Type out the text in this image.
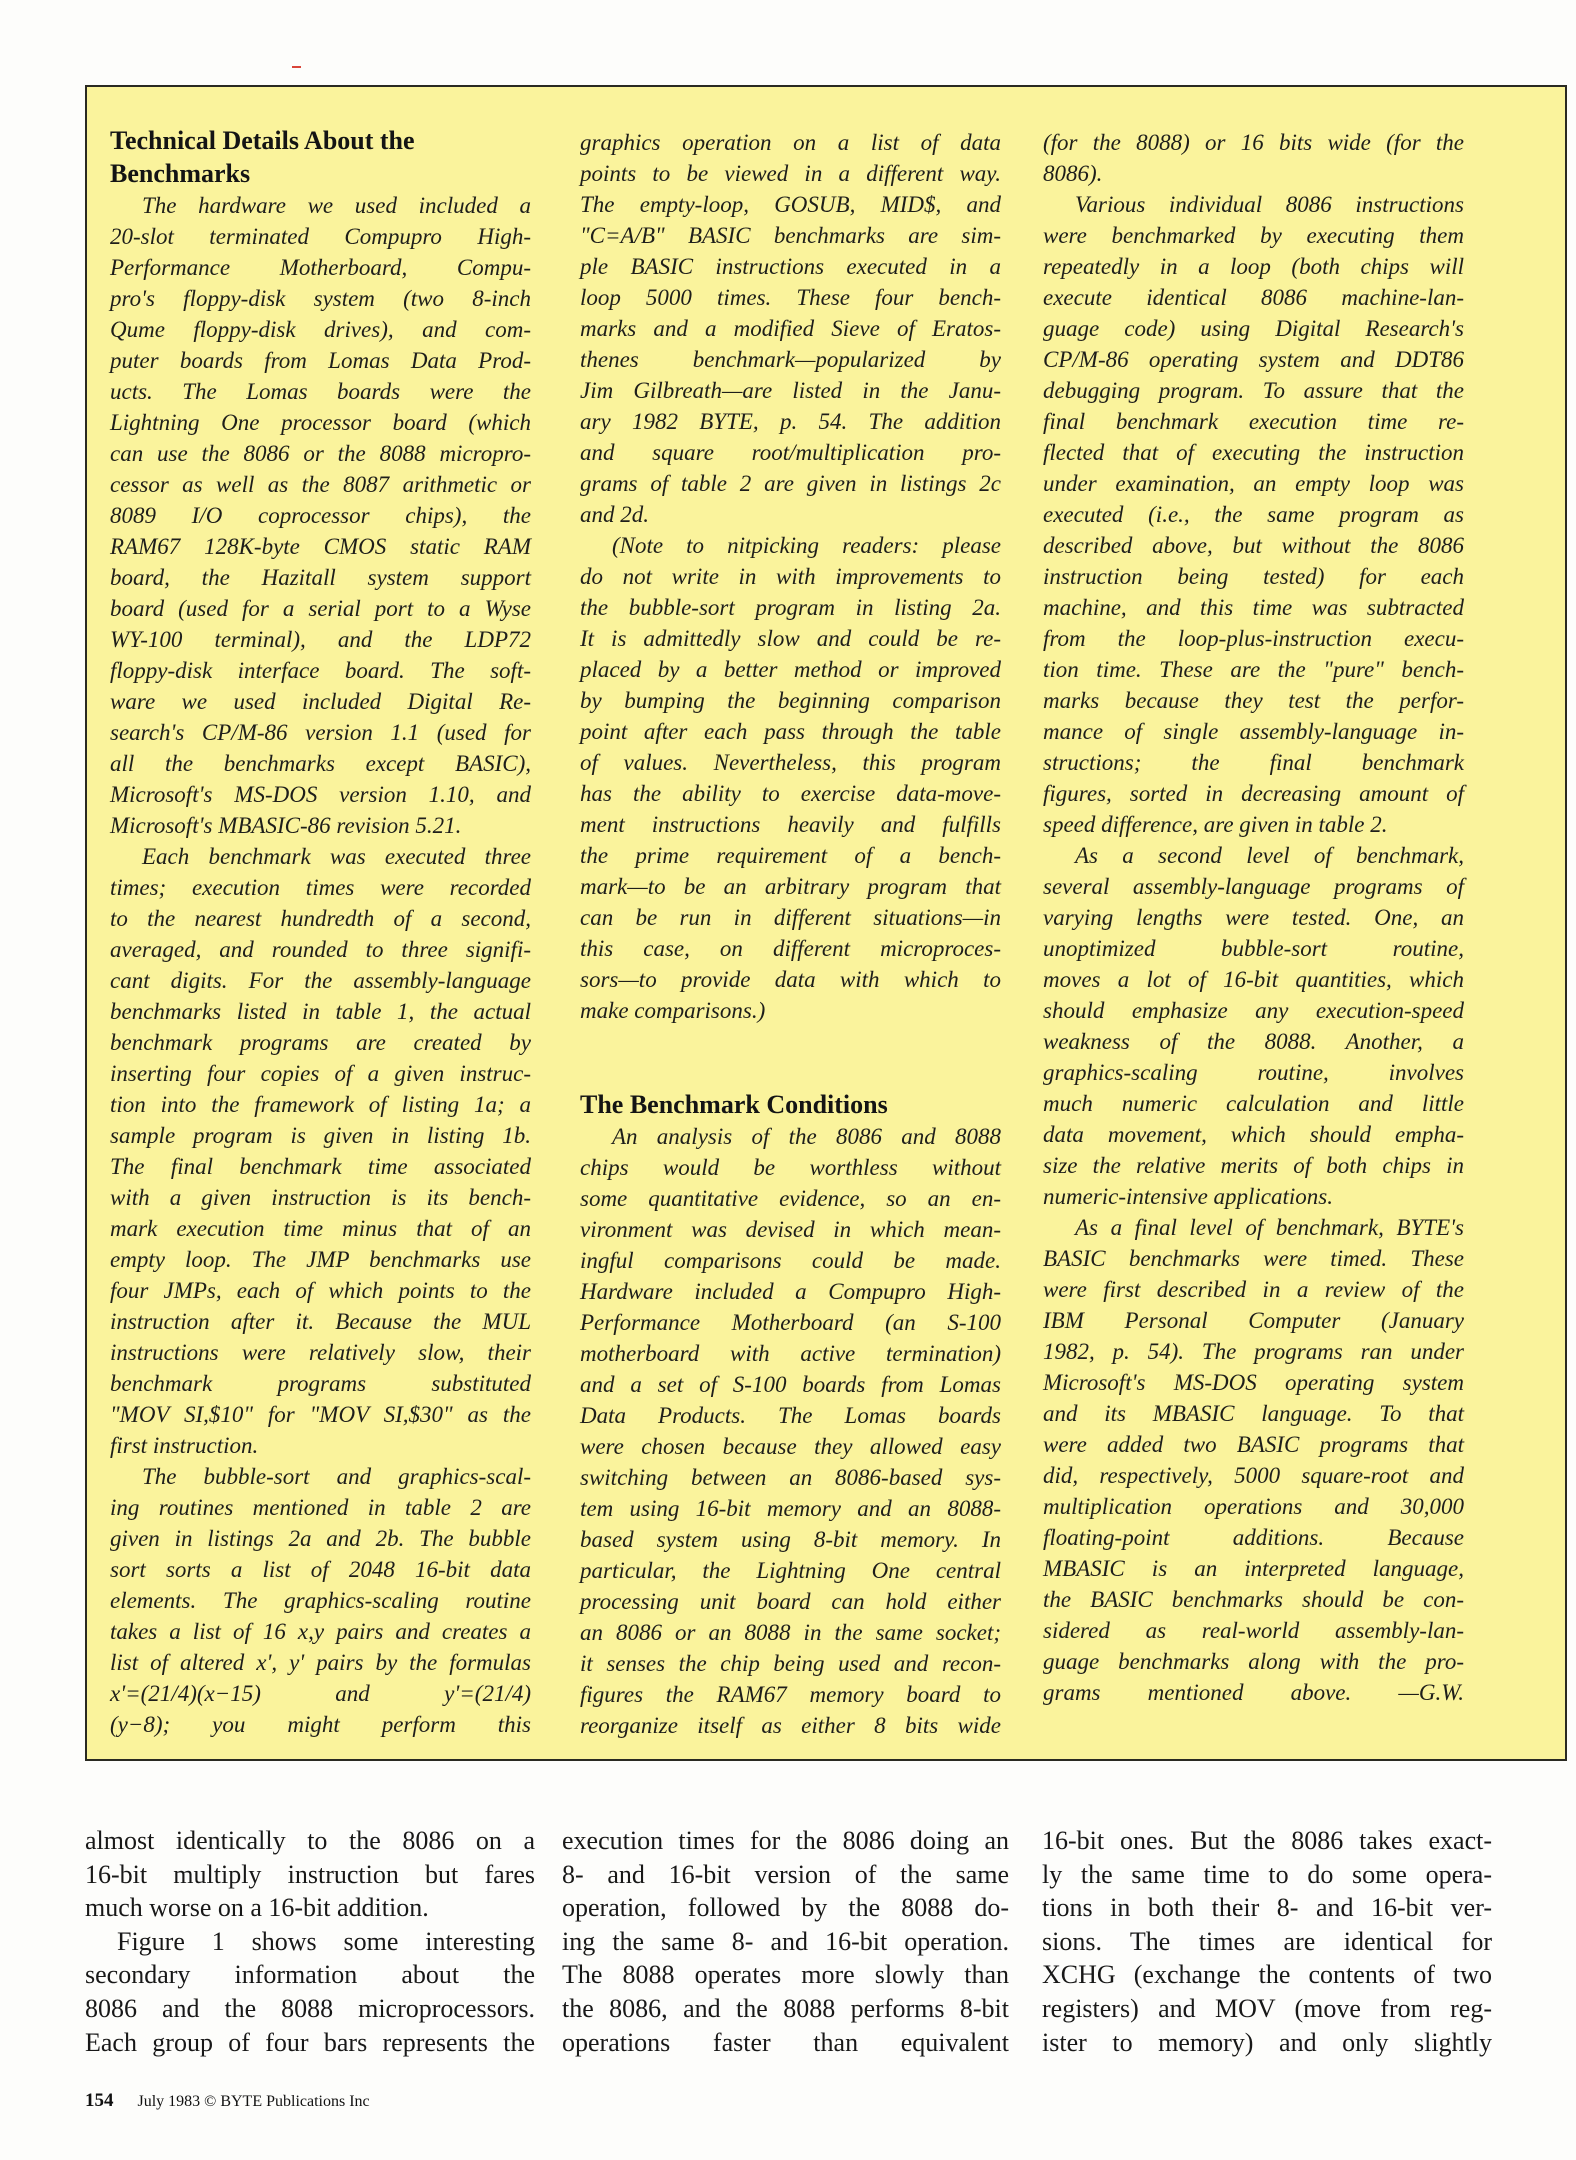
Technical Details About the
Benchmarks
The hardware we used included a
20-slot terminated Compupro High-
Performance Motherboard, Compu-
pro's floppy-disk system (two 8-inch
Qume floppy-disk drives), and com-
puter boards from Lomas Data Prod-
ucts. The Lomas boards were the
Lightning One processor board (which
can use the 8086 or the 8088 micropro-
cessor as well as the 8087 arithmetic or
8089 I/O coprocessor chips), the
RAM67 128K-byte CMOS static RAM
board, the Hazitall system support
board (used for a serial port to a Wyse
WY-100 terminal), and the LDP72
floppy-disk interface board. The soft-
ware we used included Digital Re-
search's CP/M-86 version 1.1 (used for
all the benchmarks except BASIC),
Microsoft's MS-DOS version 1.10, and
Microsoft's MBASIC-86 revision 5.21.
Each benchmark was executed three
times; execution times were recorded
to the nearest hundredth of a second,
averaged, and rounded to three signifi-
cant digits. For the assembly-language
benchmarks listed in table 1, the actual
benchmark programs are created by
inserting four copies of a given instruc-
tion into the framework of listing 1a; a
sample program is given in listing 1b.
The final benchmark time associated
with a given instruction is its bench-
mark execution time minus that of an
empty loop. The JMP benchmarks use
four JMPs, each of which points to the
instruction after it. Because the MUL
instructions were relatively slow, their
benchmark programs substituted
"MOV SI,$10" for "MOV SI,$30" as the
first instruction.
The bubble-sort and graphics-scal-
ing routines mentioned in table 2 are
given in listings 2a and 2b. The bubble
sort sorts a list of 2048 16-bit data
elements. The graphics-scaling routine
takes a list of 16 x,y pairs and creates a
list of altered x', y' pairs by the formulas
x'=(21/4)(x−15) and y'=(21/4)
(y−8); you might perform this
graphics operation on a list of data
points to be viewed in a different way.
The empty-loop, GOSUB, MID$, and
"C=A/B" BASIC benchmarks are sim-
ple BASIC instructions executed in a
loop 5000 times. These four bench-
marks and a modified Sieve of Eratos-
thenes benchmark—popularized by
Jim Gilbreath—are listed in the Janu-
ary 1982 BYTE, p. 54. The addition
and square root/multiplication pro-
grams of table 2 are given in listings 2c
and 2d.
(Note to nitpicking readers: please
do not write in with improvements to
the bubble-sort program in listing 2a.
It is admittedly slow and could be re-
placed by a better method or improved
by bumping the beginning comparison
point after each pass through the table
of values. Nevertheless, this program
has the ability to exercise data-move-
ment instructions heavily and fulfills
the prime requirement of a bench-
mark—to be an arbitrary program that
can be run in different situations—in
this case, on different microproces-
sors—to provide data with which to
make comparisons.)
The Benchmark Conditions
An analysis of the 8086 and 8088
chips would be worthless without
some quantitative evidence, so an en-
vironment was devised in which mean-
ingful comparisons could be made.
Hardware included a Compupro High-
Performance Motherboard (an S-100
motherboard with active termination)
and a set of S-100 boards from Lomas
Data Products. The Lomas boards
were chosen because they allowed easy
switching between an 8086-based sys-
tem using 16-bit memory and an 8088-
based system using 8-bit memory. In
particular, the Lightning One central
processing unit board can hold either
an 8086 or an 8088 in the same socket;
it senses the chip being used and recon-
figures the RAM67 memory board to
reorganize itself as either 8 bits wide
(for the 8088) or 16 bits wide (for the
8086).
Various individual 8086 instructions
were benchmarked by executing them
repeatedly in a loop (both chips will
execute identical 8086 machine-lan-
guage code) using Digital Research's
CP/M-86 operating system and DDT86
debugging program. To assure that the
final benchmark execution time re-
flected that of executing the instruction
under examination, an empty loop was
executed (i.e., the same program as
described above, but without the 8086
instruction being tested) for each
machine, and this time was subtracted
from the loop-plus-instruction execu-
tion time. These are the "pure" bench-
marks because they test the perfor-
mance of single assembly-language in-
structions; the final benchmark
figures, sorted in decreasing amount of
speed difference, are given in table 2.
As a second level of benchmark,
several assembly-language programs of
varying lengths were tested. One, an
unoptimized bubble-sort routine,
moves a lot of 16-bit quantities, which
should emphasize any execution-speed
weakness of the 8088. Another, a
graphics-scaling routine, involves
much numeric calculation and little
data movement, which should empha-
size the relative merits of both chips in
numeric-intensive applications.
As a final level of benchmark, BYTE's
BASIC benchmarks were timed. These
were first described in a review of the
IBM Personal Computer (January
1982, p. 54). The programs ran under
Microsoft's MS-DOS operating system
and its MBASIC language. To that
were added two BASIC programs that
did, respectively, 5000 square-root and
multiplication operations and 30,000
floating-point additions. Because
MBASIC is an interpreted language,
the BASIC benchmarks should be con-
sidered as real-world assembly-lan-
guage benchmarks along with the pro-
grams mentioned above. —G.W.
almost identically to the 8086 on a
16-bit multiply instruction but fares
much worse on a 16-bit addition.
Figure 1 shows some interesting
secondary information about the
8086 and the 8088 microprocessors.
Each group of four bars represents the
execution times for the 8086 doing an
8- and 16-bit version of the same
operation, followed by the 8088 do-
ing the same 8- and 16-bit operation.
The 8088 operates more slowly than
the 8086, and the 8088 performs 8-bit
operations faster than equivalent
16-bit ones. But the 8086 takes exact-
ly the same time to do some opera-
tions in both their 8- and 16-bit ver-
sions. The times are identical for
XCHG (exchange the contents of two
registers) and MOV (move from reg-
ister to memory) and only slightly
154 July 1983 © BYTE Publications Inc
